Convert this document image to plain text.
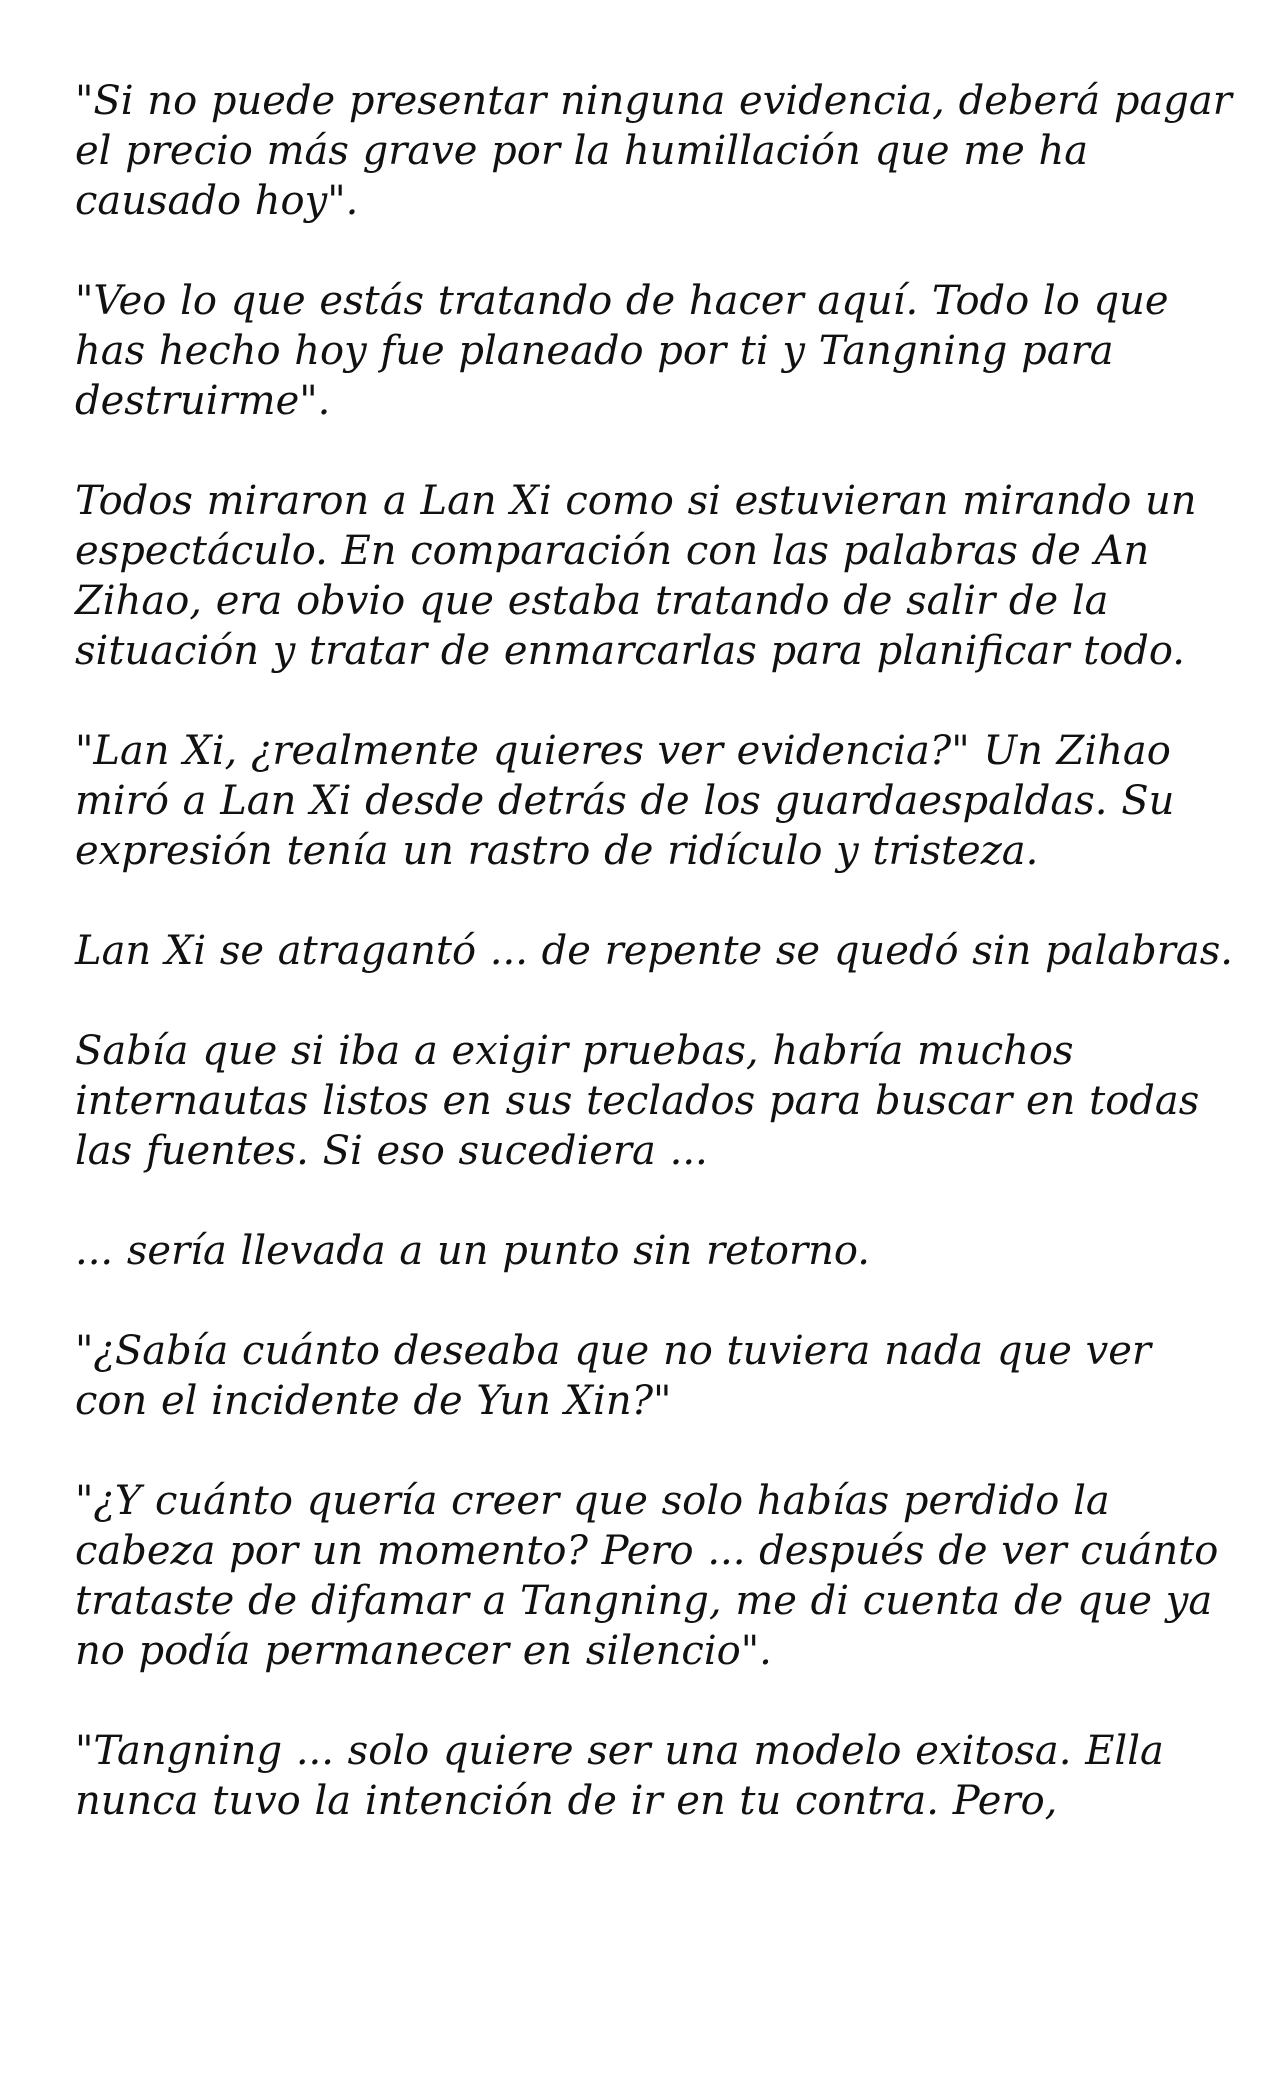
"Si no puede presentar ninguna evidencia, deberá pagar el precio más grave por la humillación que me ha causado hoy".

"Veo lo que estás tratando de hacer aquí. Todo lo que has hecho hoy fue planeado por ti y Tangning para destruirme".

Todos miraron a Lan Xi como si estuvieran mirando un espectáculo. En comparación con las palabras de An Zihao, era obvio que estaba tratando de salir de la situación y tratar de enmarcarlas para planificar todo.

"Lan Xi, ¿realmente quieres ver evidencia?" Un Zihao miró a Lan Xi desde detrás de los guardaespaldas. Su expresión tenía un rastro de ridículo y tristeza.

Lan Xi se atragantó ... de repente se quedó sin palabras.

Sabía que si iba a exigir pruebas, habría muchos internautas listos en sus teclados para buscar en todas las fuentes. Si eso sucediera ...

... sería llevada a un punto sin retorno.

"¿Sabía cuánto deseaba que no tuviera nada que ver con el incidente de Yun Xin?"

"¿Y cuánto quería creer que solo habías perdido la cabeza por un momento? Pero ... después de ver cuánto trataste de difamar a Tangning, me di cuenta de que ya no podía permanecer en silencio".

"Tangning ... solo quiere ser una modelo exitosa. Ella nunca tuvo la intención de ir en tu contra. Pero,
